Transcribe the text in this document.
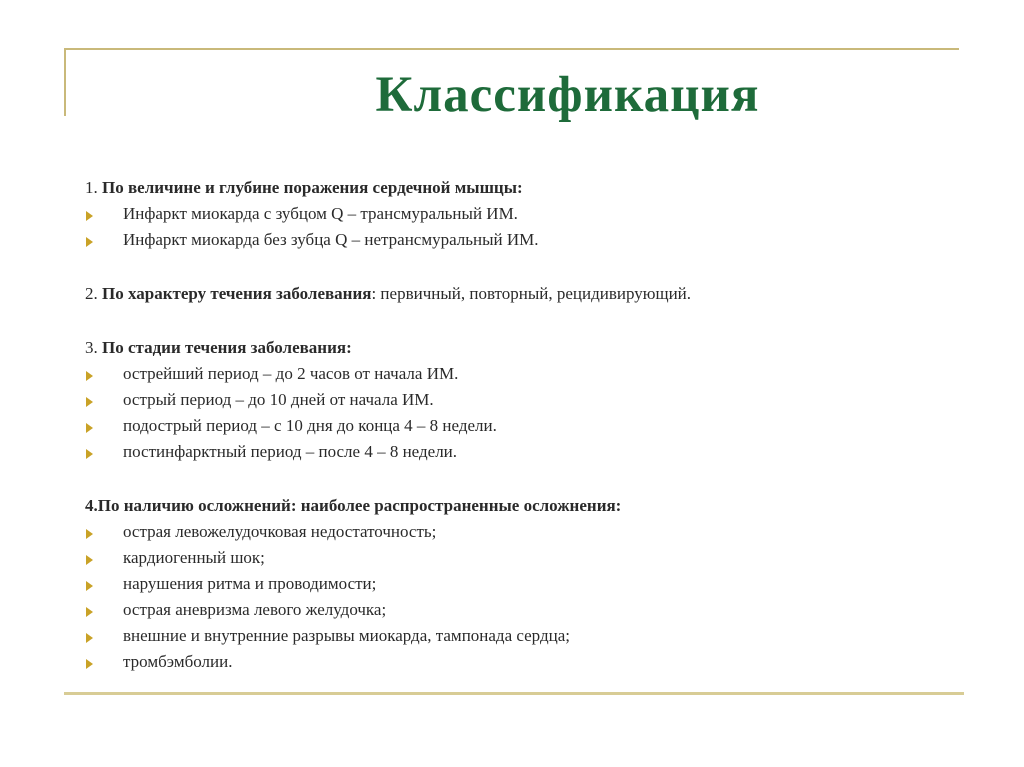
Классификация
1. По величине и глубине поражения сердечной мышцы:
Инфаркт миокарда с зубцом Q – трансмуральный ИМ.
Инфаркт миокарда без зубца Q – нетрансмуральный ИМ.
2. По характеру течения заболевания: первичный, повторный, рецидивирующий.
3. По стадии течения заболевания:
острейший период – до 2 часов от начала ИМ.
острый период – до 10 дней от начала ИМ.
подострый период – с 10 дня до конца 4 – 8 недели.
постинфарктный период – после 4 – 8 недели.
4.По наличию осложнений: наиболее распространенные осложнения:
острая левожелудочковая недостаточность;
кардиогенный шок;
нарушения ритма и проводимости;
острая аневризма левого желудочка;
внешние и внутренние разрывы миокарда, тампонада сердца;
тромбэмболии.
